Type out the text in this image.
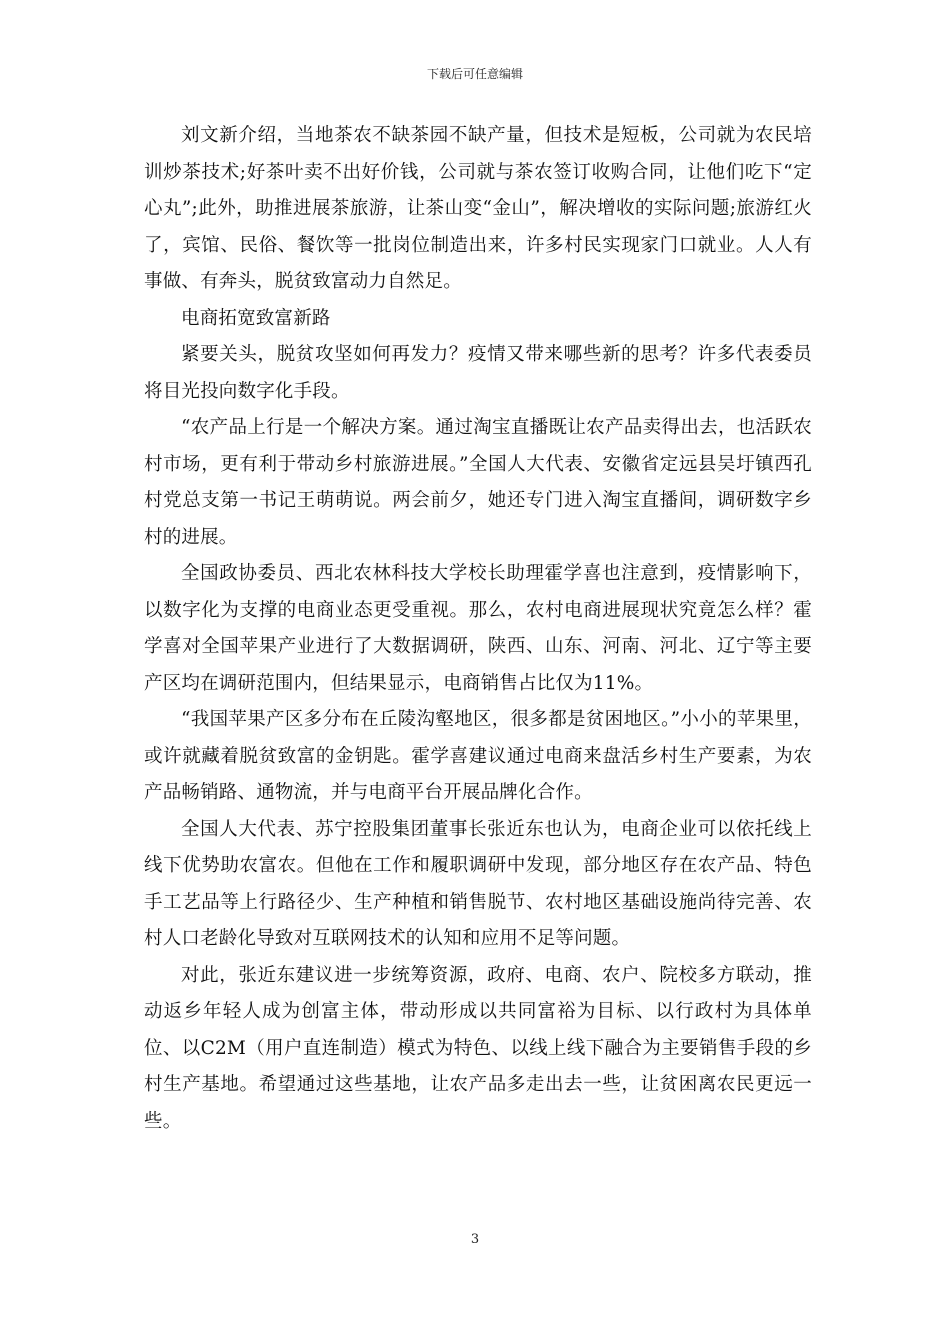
下载后可任意编辑

刘文新介绍，当地茶农不缺茶园不缺产量，但技术是短板，公司就为农民培训炒茶技术;好茶叶卖不出好价钱，公司就与茶农签订收购合同，让他们吃下“定心丸”;此外，助推进展茶旅游，让茶山变“金山”，解决增收的实际问题;旅游红火了，宾馆、民俗、餐饮等一批岗位制造出来，许多村民实现家门口就业。人人有事做、有奔头，脱贫致富动力自然足。

电商拓宽致富新路

紧要关头，脱贫攻坚如何再发力？疫情又带来哪些新的思考？许多代表委员将目光投向数字化手段。

“农产品上行是一个解决方案。通过淘宝直播既让农产品卖得出去，也活跃农村市场，更有利于带动乡村旅游进展。”全国人大代表、安徽省定远县吴圩镇西孔村党总支第一书记王萌萌说。两会前夕，她还专门进入淘宝直播间，调研数字乡村的进展。

全国政协委员、西北农林科技大学校长助理霍学喜也注意到，疫情影响下，以数字化为支撑的电商业态更受重视。那么，农村电商进展现状究竟怎么样？霍学喜对全国苹果产业进行了大数据调研，陕西、山东、河南、河北、辽宁等主要产区均在调研范围内，但结果显示，电商销售占比仅为11%。

“我国苹果产区多分布在丘陵沟壑地区，很多都是贫困地区。”小小的苹果里，或许就藏着脱贫致富的金钥匙。霍学喜建议通过电商来盘活乡村生产要素，为农产品畅销路、通物流，并与电商平台开展品牌化合作。

全国人大代表、苏宁控股集团董事长张近东也认为，电商企业可以依托线上线下优势助农富农。但他在工作和履职调研中发现，部分地区存在农产品、特色手工艺品等上行路径少、生产种植和销售脱节、农村地区基础设施尚待完善、农村人口老龄化导致对互联网技术的认知和应用不足等问题。

对此，张近东建议进一步统筹资源，政府、电商、农户、院校多方联动，推动返乡年轻人成为创富主体，带动形成以共同富裕为目标、以行政村为具体单位、以C2M（用户直连制造）模式为特色、以线上线下融合为主要销售手段的乡村生产基地。希望通过这些基地，让农产品多走出去一些，让贫困离农民更远一些。

3
